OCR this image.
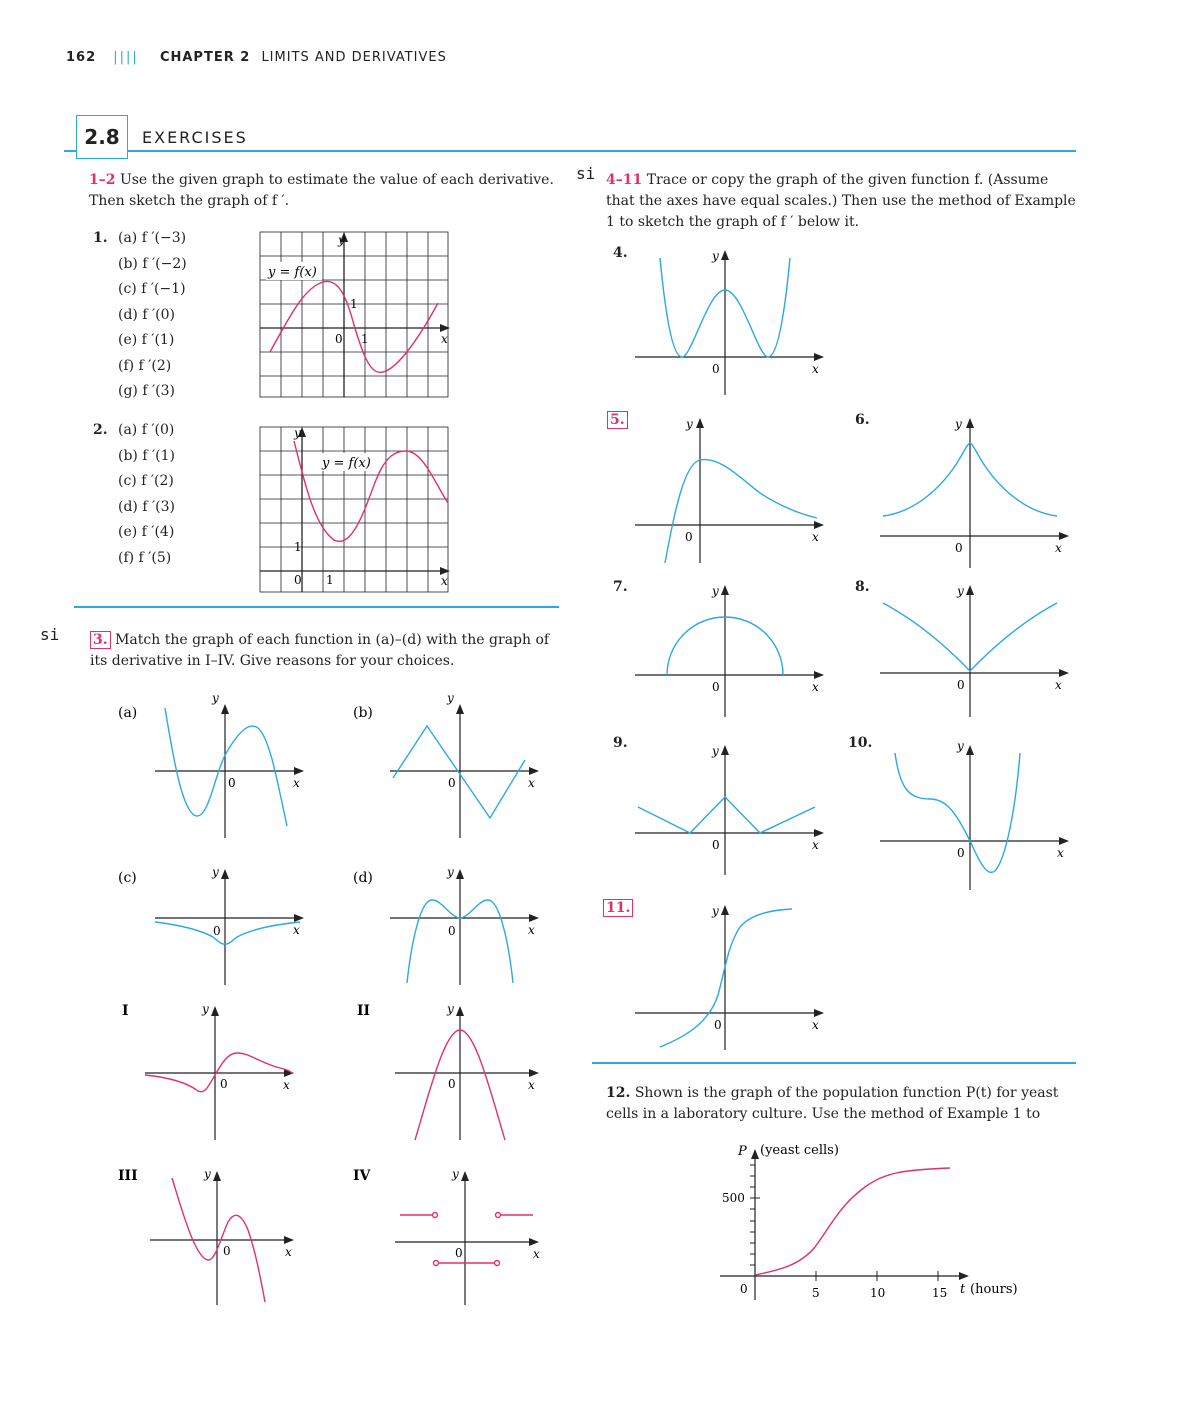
162 |||| CHAPTER 2 LIMITS AND DERIVATIVES
2.8	EXERCISES
1–2 Use the given graph to estimate the value of each derivative. Then sketch the graph of f ′.
1. (a) f ′(−3)
(b) f ′(−2)
(c) f ′(−1)
(d) f ′(0)
(e) f ′(1)
(f) f ′(2)
(g) f ′(3)
y = f(x)
y
x
0 1
1
2. (a) f ′(0)
(b) f ′(1)
(c) f ′(2)
(d) f ′(3)
(e) f ′(4)
(f) f ′(5)
y = f(x)
y
x
0 1
1
si 3. Match the graph of each function in (a)–(d) with the graph of its derivative in I–IV. Give reasons for your choices.
(a)
y
x
0
(b)
y
x
0
(c)	y
x
0
(d)	y
x
0
I	y
x
0
II	y
x
0
III	y
x
0
IV	y
x
0
si 4–11 Trace or copy the graph of the given function f. (Assume that the axes have equal scales.) Then use the method of Example 1 to sketch the graph of f ′ below it.
4.	y
x
0
5.	y
x
0
6.	y
x
0
7.	y
x
0
8.	y
x
0
9.	y
x
0
10.	y
x
0
11.	y
x
0
12. Shown is the graph of the population function P(t) for yeast cells in a laboratory culture. Use the method of Example 1 to
P (yeast cells)
500
0	5	10	15 t (hours)
